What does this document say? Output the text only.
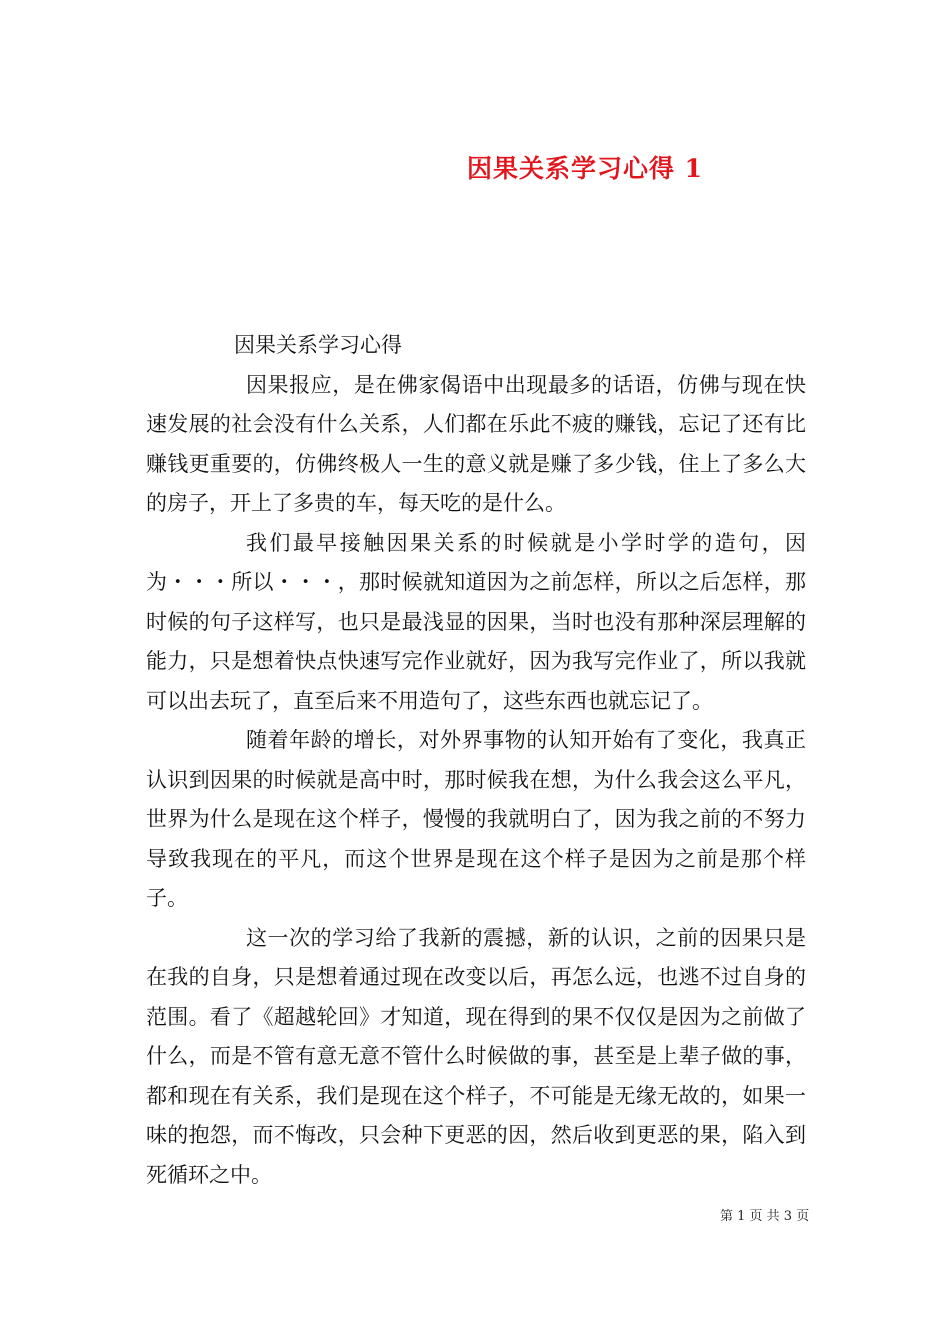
因果关系学习心得 1

因果关系学习心得

因果报应，是在佛家偈语中出现最多的话语，仿佛与现在快速发展的社会没有什么关系，人们都在乐此不疲的赚钱，忘记了还有比赚钱更重要的，仿佛终极人一生的意义就是赚了多少钱，住上了多么大的房子，开上了多贵的车，每天吃的是什么。

我们最早接触因果关系的时候就是小学时学的造句，因为・・・所以・・・，那时候就知道因为之前怎样，所以之后怎样，那时候的句子这样写，也只是最浅显的因果，当时也没有那种深层理解的能力，只是想着快点快速写完作业就好，因为我写完作业了，所以我就可以出去玩了，直至后来不用造句了，这些东西也就忘记了。

随着年龄的增长，对外界事物的认知开始有了变化，我真正认识到因果的时候就是高中时，那时候我在想，为什么我会这么平凡，世界为什么是现在这个样子，慢慢的我就明白了，因为我之前的不努力导致我现在的平凡，而这个世界是现在这个样子是因为之前是那个样子。

这一次的学习给了我新的震撼，新的认识，之前的因果只是在我的自身，只是想着通过现在改变以后，再怎么远，也逃不过自身的范围。看了《超越轮回》才知道，现在得到的果不仅仅是因为之前做了什么，而是不管有意无意不管什么时候做的事，甚至是上辈子做的事，都和现在有关系，我们是现在这个样子，不可能是无缘无故的，如果一味的抱怨，而不悔改，只会种下更恶的因，然后收到更恶的果，陷入到死循环之中。

第 1 页 共 3 页
